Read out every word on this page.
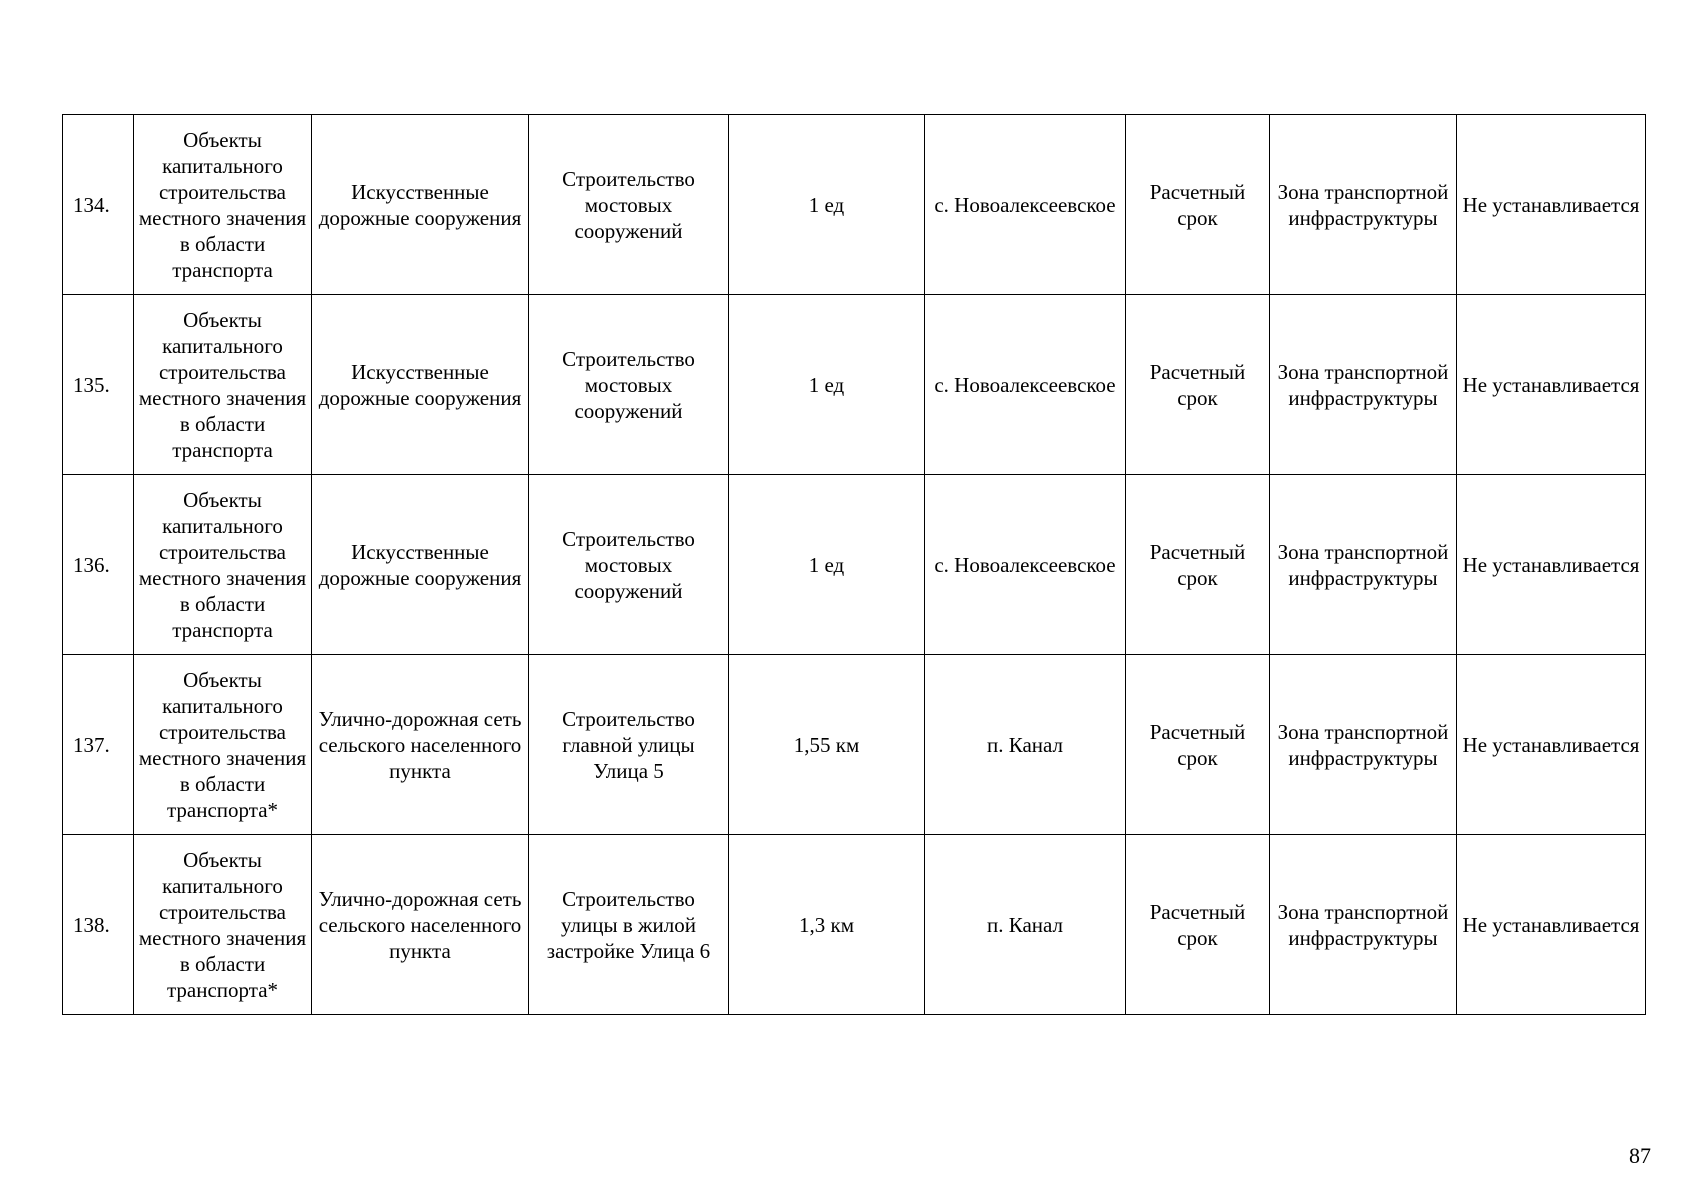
134.	Объекты капитального строительства местного значения в области транспорта	Искусственные дорожные сооружения	Строительство мостовых сооружений	1 ед	с. Новоалексеевское	Расчетный срок	Зона транспортной инфраструктуры	Не устанавливается
135.	Объекты капитального строительства местного значения в области транспорта	Искусственные дорожные сооружения	Строительство мостовых сооружений	1 ед	с. Новоалексеевское	Расчетный срок	Зона транспортной инфраструктуры	Не устанавливается
136.	Объекты капитального строительства местного значения в области транспорта	Искусственные дорожные сооружения	Строительство мостовых сооружений	1 ед	с. Новоалексеевское	Расчетный срок	Зона транспортной инфраструктуры	Не устанавливается
137.	Объекты капитального строительства местного значения в области транспорта*	Улично-дорожная сеть сельского населенного пункта	Строительство главной улицы Улица 5	1,55 км	п. Канал	Расчетный срок	Зона транспортной инфраструктуры	Не устанавливается
138.	Объекты капитального строительства местного значения в области транспорта*	Улично-дорожная сеть сельского населенного пункта	Строительство улицы в жилой застройке Улица 6	1,3 км	п. Канал	Расчетный срок	Зона транспортной инфраструктуры	Не устанавливается
87
